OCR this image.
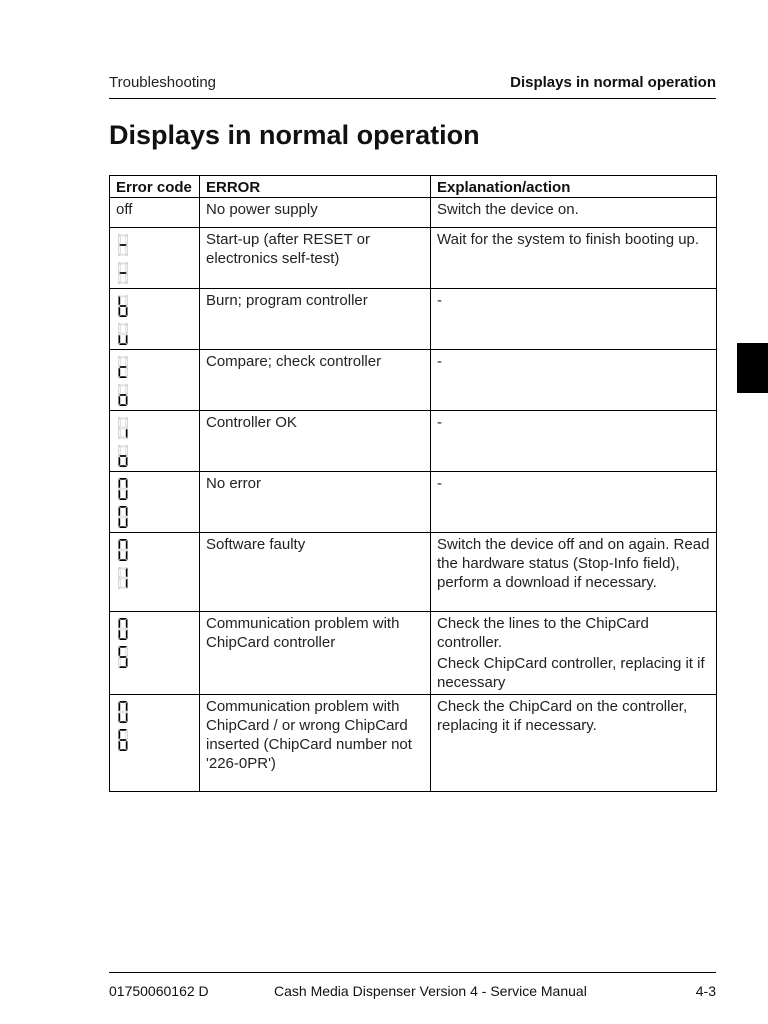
Troubleshooting	Displays in normal operation
Displays in normal operation
Error code	ERROR	Explanation/action
off	No power supply	Switch the device on.

	Start-up (after RESET or electronics self-test)	Wait for the system to finish booting up.

	Burn; program controller	-

	Compare; check controller	-

	Controller OK	-

	No error	-

	Software faulty	Switch the device off and on again. Read the hardware status (Stop-Info field), perform a download if necessary.

	Communication problem with ChipCard controller	Check the lines to the ChipCard controller.
Check ChipCard controller, replacing it if necessary

	Communication problem with ChipCard / or wrong ChipCard inserted (ChipCard number not '226-0PR')	Check the ChipCard on the controller, replacing it if necessary.
01750060162 D	Cash Media Dispenser Version 4 - Service Manual	4-3
